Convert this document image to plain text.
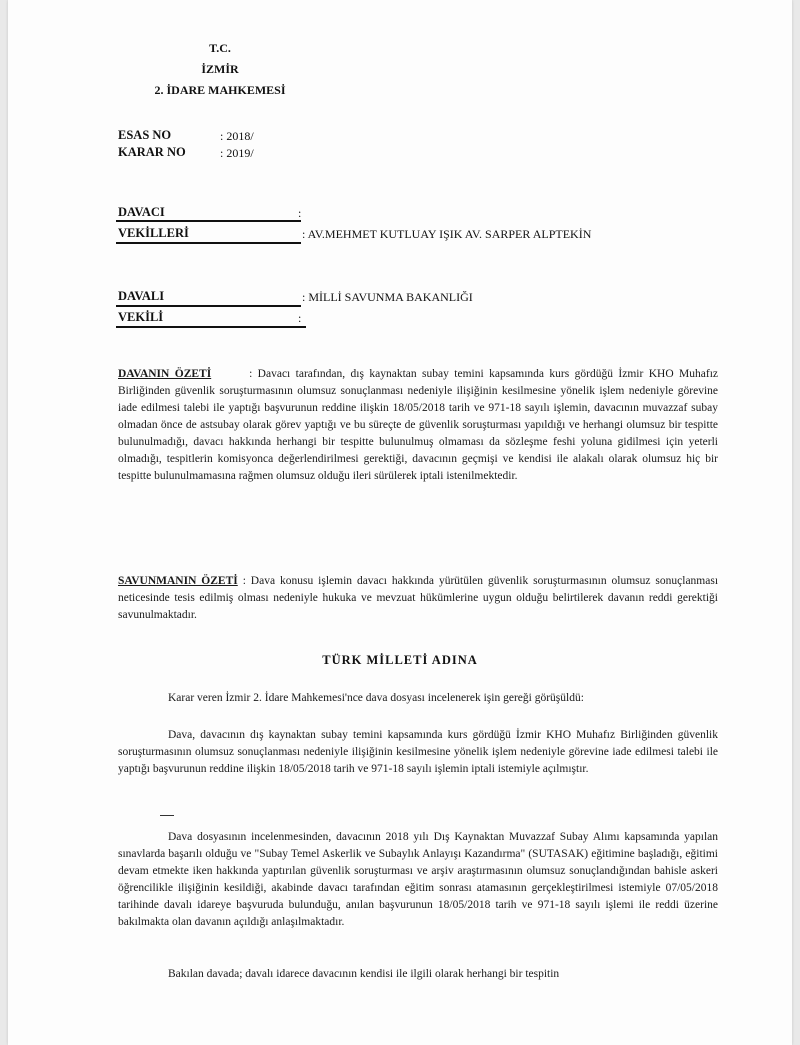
T.C.
İZMİR
2. İDARE MAHKEMESİ
ESAS NO	: 2018/
KARAR NO	: 2019/
DAVACI	:
VEKİLLERİ	: AV.MEHMET KUTLUAY IŞIK AV. SARPER ALPTEKİN
DAVALI	: MİLLİ SAVUNMA BAKANLIĞI
VEKİLİ	:
DAVANIN ÖZETİ	: Davacı tarafından, dış kaynaktan subay temini kapsamında kurs gördüğü İzmir KHO Muhafız Birliğinden güvenlik soruşturmasının olumsuz sonuçlanması nedeniyle ilişiğinin kesilmesine yönelik işlem nedeniyle görevine iade edilmesi talebi ile yaptığı başvurunun reddine ilişkin 18/05/2018 tarih ve 971-18 sayılı işlemin, davacının muvazzaf subay olmadan önce de astsubay olarak görev yaptığı ve bu süreçte de güvenlik soruşturması yapıldığı ve herhangi olumsuz bir tespitte bulunulmadığı, davacı hakkında herhangi bir tespitte bulunulmuş olmaması da sözleşme feshi yoluna gidilmesi için yeterli olmadığı, tespitlerin komisyonca değerlendirilmesi gerektiği, davacının geçmişi ve kendisi ile alakalı olarak olumsuz hiç bir tespitte bulunulmamasına rağmen olumsuz olduğu ileri sürülerek iptali istenilmektedir.
SAVUNMANIN ÖZETİ : Dava konusu işlemin davacı hakkında yürütülen güvenlik soruşturmasının olumsuz sonuçlanması neticesinde tesis edilmiş olması nedeniyle hukuka ve mevzuat hükümlerine uygun olduğu belirtilerek davanın reddi gerektiği savunulmaktadır.
TÜRK MİLLETİ ADINA
Karar veren İzmir 2. İdare Mahkemesi'nce dava dosyası incelenerek işin gereği görüşüldü:
Dava, davacının dış kaynaktan subay temini kapsamında kurs gördüğü İzmir KHO Muhafız Birliğinden güvenlik soruşturmasının olumsuz sonuçlanması nedeniyle ilişiğinin kesilmesine yönelik işlem nedeniyle görevine iade edilmesi talebi ile yaptığı başvurunun reddine ilişkin 18/05/2018 tarih ve 971-18 sayılı işlemin iptali istemiyle açılmıştır.
Dava dosyasının incelenmesinden, davacının 2018 yılı Dış Kaynaktan Muvazzaf Subay Alımı kapsamında yapılan sınavlarda başarılı olduğu ve "Subay Temel Askerlik ve Subaylık Anlayışı Kazandırma" (SUTASAK) eğitimine başladığı, eğitimi devam etmekte iken hakkında yaptırılan güvenlik soruşturması ve arşiv araştırmasının olumsuz sonuçlandığından bahisle askeri öğrencilikle ilişiğinin kesildiği, akabinde davacı tarafından eğitim sonrası atamasının gerçekleştirilmesi istemiyle 07/05/2018 tarihinde davalı idareye başvuruda bulunduğu, anılan başvurunun 18/05/2018 tarih ve 971-18 sayılı işlemi ile reddi üzerine bakılmakta olan davanın açıldığı anlaşılmaktadır.
Bakılan davada; davalı idarece davacının kendisi ile ilgili olarak herhangi bir tespitin
